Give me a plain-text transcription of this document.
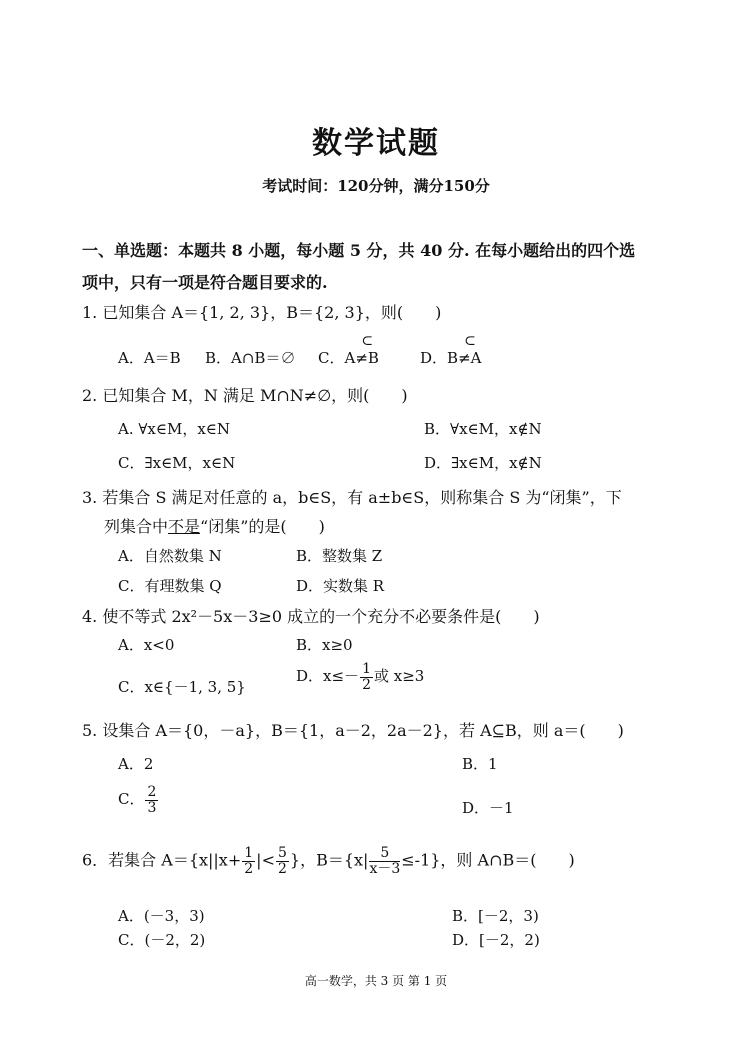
数学试题
考试时间：120分钟，满分150分
一、单选题：本题共 8 小题，每小题 5 分，共 40 分. 在每小题给出的四个选
项中，只有一项是符合题目要求的.
1. 已知集合 A＝{1, 2, 3}，B＝{2, 3}，则(　　)
A．A＝B B．A∩B＝∅ C．A
⊂
≠B	D．B
⊂
≠A
2. 已知集合 M，N 满足 M∩N≠∅，则(　　)
A. ∀x∈M，x∈N	B．∀x∈M，x∉N
C．∃x∈M，x∈N	D．∃x∈M，x∉N
3. 若集合 S 满足对任意的 a，b∈S，有 a±b∈S，则称集合 S 为“闭集”，下
列集合中不是“闭集”的是(　　)
A．自然数集 N	B．整数集 Z
C．有理数集 Q	D．实数集 R
4. 使不等式 2x²－5x－3≥0 成立的一个充分不必要条件是(　　)
A．x<0	B．x≥0
C．x∈{－1, 3, 5}
D．$x\le- \frac{1}{2}$ 或 x≥3
5. 设集合 A＝{0，－a}，B＝{1，a－2，2a－2}，若 A⊆B，则 a＝(　　)
A．2	B．1
C． $\frac{2}{3}$	D．－1
6．若集合 $A=\{x||x+ \frac{1}{2}$ |< $\frac{5}{2}$ }，$B=\{x| \frac{5}{x-3} \le-1\}$，则 A∩B＝(　　)
A．(－3，3)	B．[－2，3)
C．(－2，2)	D．[－2，2)
高一数学，共 3 页 第 1 页
